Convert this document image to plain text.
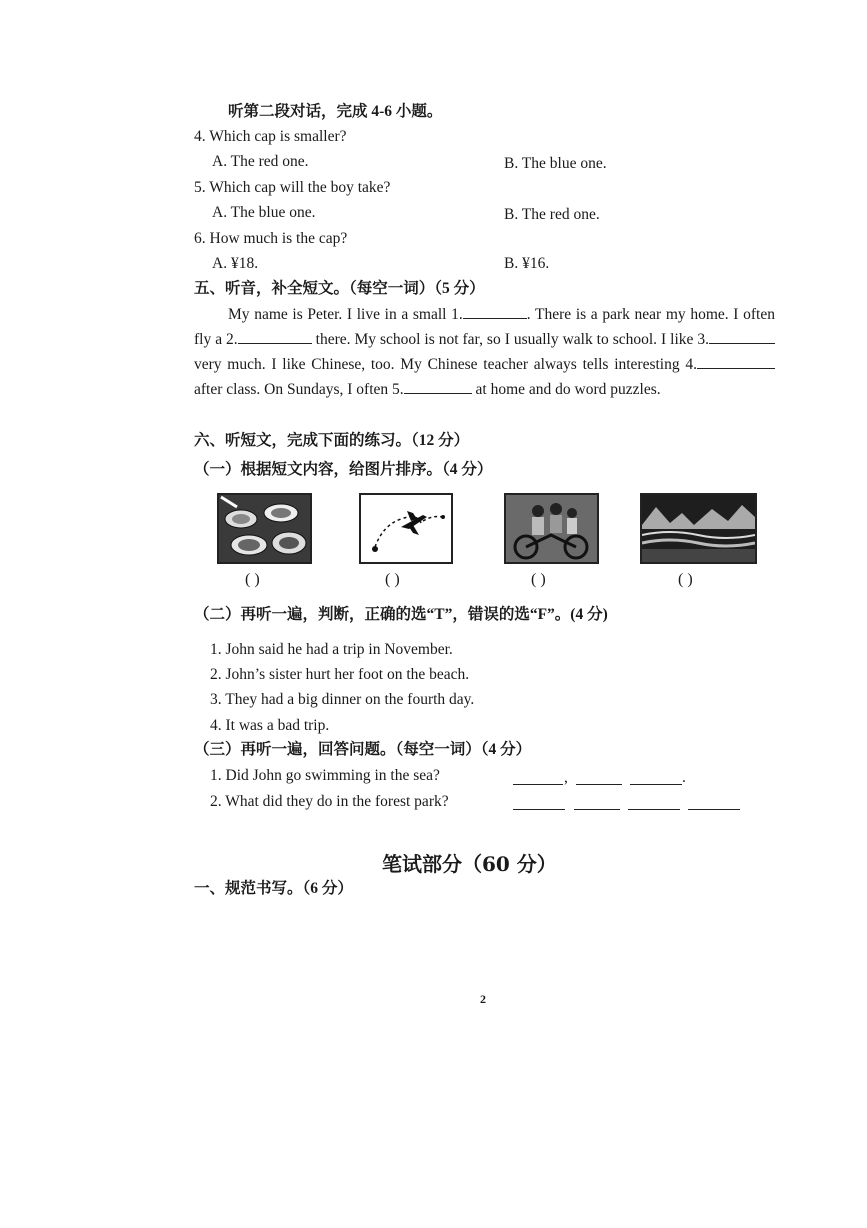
听第二段对话，完成 4-6 小题。
4. Which cap is smaller?
A. The red one.	B. The blue one.
5. Which cap will the boy take?
A. The blue one.	B. The red one.
6. How much is the cap?
A. ¥18.	B. ¥16.
五、听音，补全短文。（每空一词）（5 分）
My name is Peter. I live in a small 1.	. There is a park near my home. I often fly a 2.	there. My school is not far, so I usually walk to school. I like 3. very much. I like Chinese, too. My Chinese teacher always tells interesting 4. after class. On Sundays, I often 5.	at home and do word puzzles.
六、听短文，完成下面的练习。（12 分）
（一）根据短文内容，给图片排序。（4 分）
( )	( )	( )	( )
（二）再听一遍，判断，正确的选“T”，错误的选“F”。(4 分)
1. John said he had a trip in November.
2. John’s sister hurt her foot on the beach.
3. They had a big dinner on the fourth day.
4. It was a bad trip.
（三）再听一遍，回答问题。（每空一词）（4 分）
1. Did John go swimming in the sea?	,	.
2. What did they do in the forest park?
笔试部分（60 分）
一、规范书写。（6 分）
2
